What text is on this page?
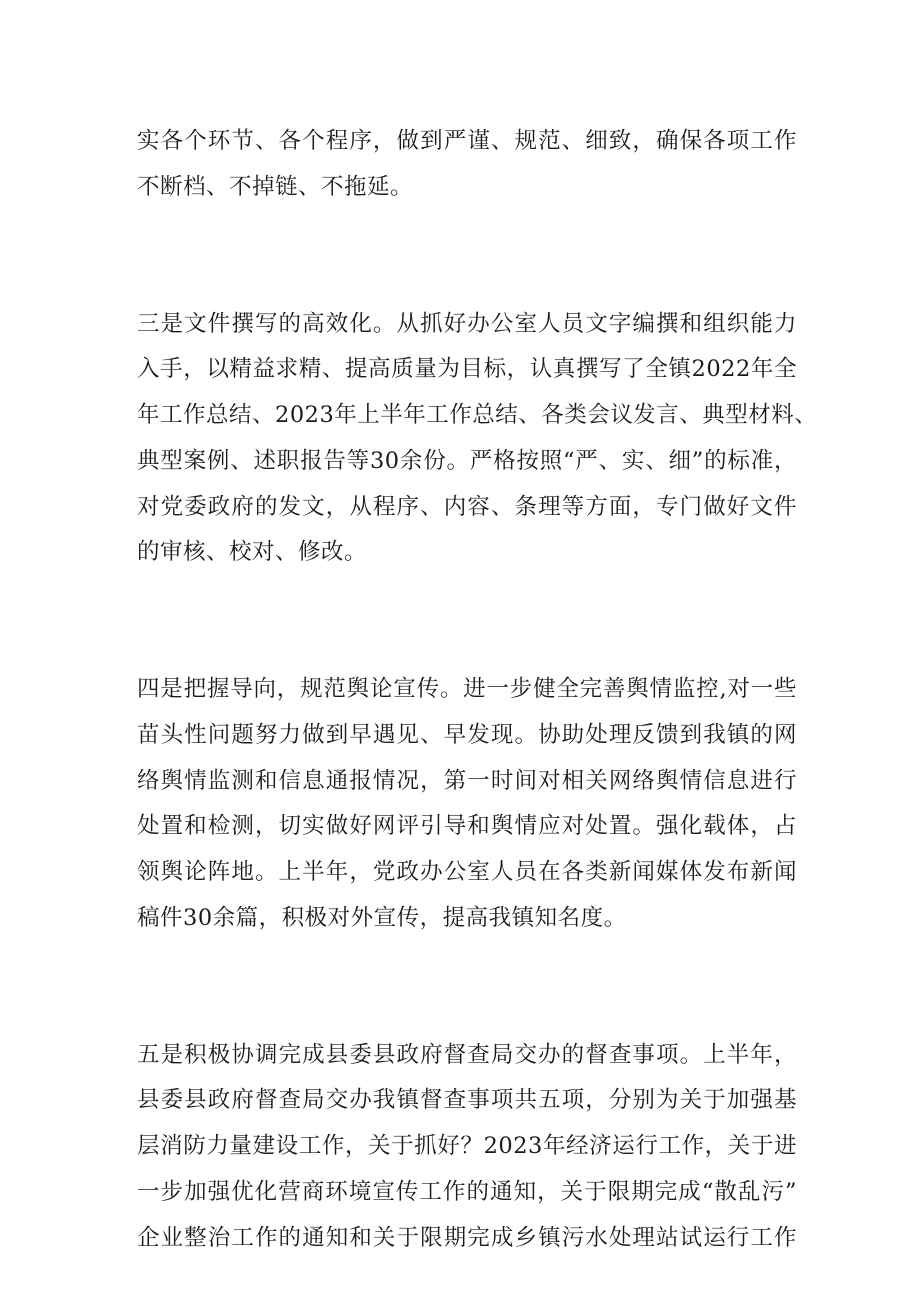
实各个环节、各个程序，做到严谨、规范、细致，确保各项工作
不断档、不掉链、不拖延。
三是文件撰写的高效化。从抓好办公室人员文字编撰和组织能力
入手，以精益求精、提高质量为目标，认真撰写了全镇2022年全
年工作总结、2023年上半年工作总结、各类会议发言、典型材料、
典型案例、述职报告等30余份。严格按照“严、实、细”的标准，
对党委政府的发文，从程序、内容、条理等方面，专门做好文件
的审核、校对、修改。
四是把握导向，规范舆论宣传。进一步健全完善舆情监控,对一些
苗头性问题努力做到早遇见、早发现。协助处理反馈到我镇的网
络舆情监测和信息通报情况，第一时间对相关网络舆情信息进行
处置和检测，切实做好网评引导和舆情应对处置。强化载体，占
领舆论阵地。上半年，党政办公室人员在各类新闻媒体发布新闻
稿件30余篇，积极对外宣传，提高我镇知名度。
五是积极协调完成县委县政府督查局交办的督查事项。上半年，
县委县政府督查局交办我镇督查事项共五项，分别为关于加强基
层消防力量建设工作，关于抓好？2023年经济运行工作，关于进
一步加强优化营商环境宣传工作的通知，关于限期完成“散乱污”
企业整治工作的通知和关于限期完成乡镇污水处理站试运行工作
